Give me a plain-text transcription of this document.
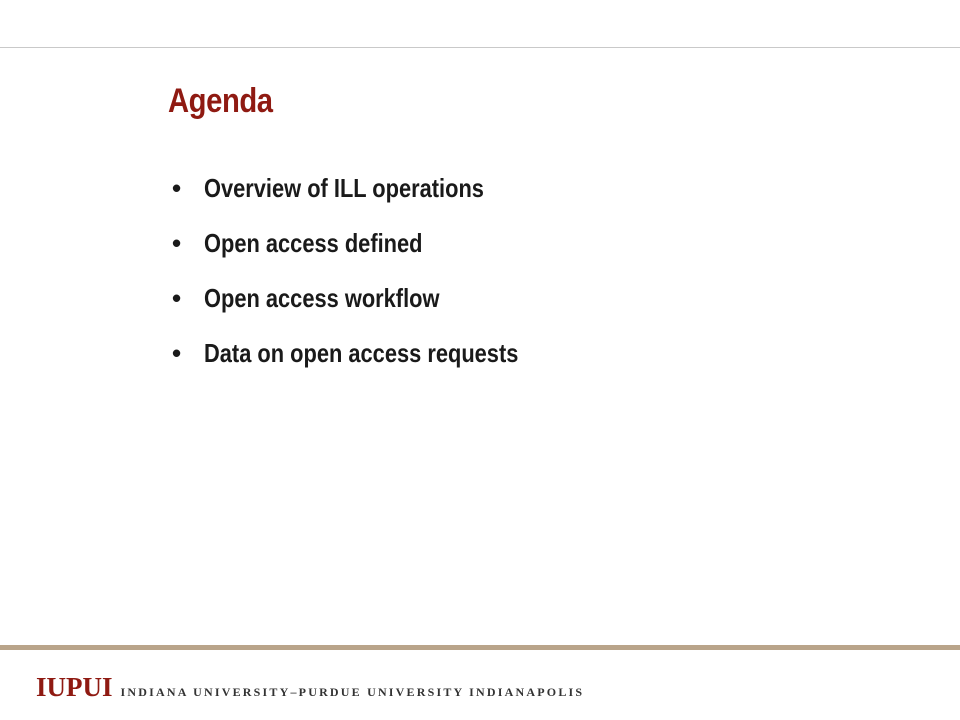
Agenda
• Overview of ILL operations
• Open access defined
• Open access workflow
• Data on open access requests
IUPUI INDIANA UNIVERSITY–PURDUE UNIVERSITY INDIANAPOLIS
